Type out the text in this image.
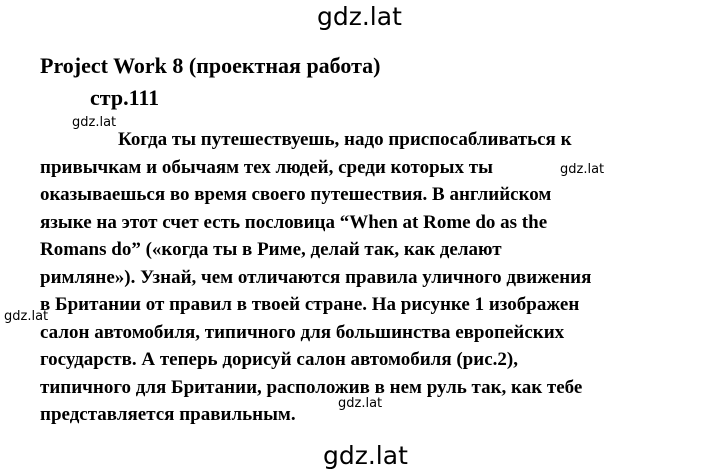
gdz.lat
Project Work 8 (проектная работа)
стр.111
Когда ты путешествуешь, надо приспосабливаться к
привычкам и обычаям тех людей, среди которых ты
оказываешься во время своего путешествия. В английском
языке на этот счет есть пословица “When at Rome do as the
Romans do” («когда ты в Риме, делай так, как делают
римляне»). Узнай, чем отличаются правила уличного движения
в Британии от правил в твоей стране. На рисунке 1 изображен
салон автомобиля, типичного для большинства европейских
государств. А теперь дорисуй салон автомобиля (рис.2),
типичного для Британии, расположив в нем руль так, как тебе
представляется правильным.
gdz.lat
gdz.lat
gdz.lat
gdz.lat
gdz.lat
